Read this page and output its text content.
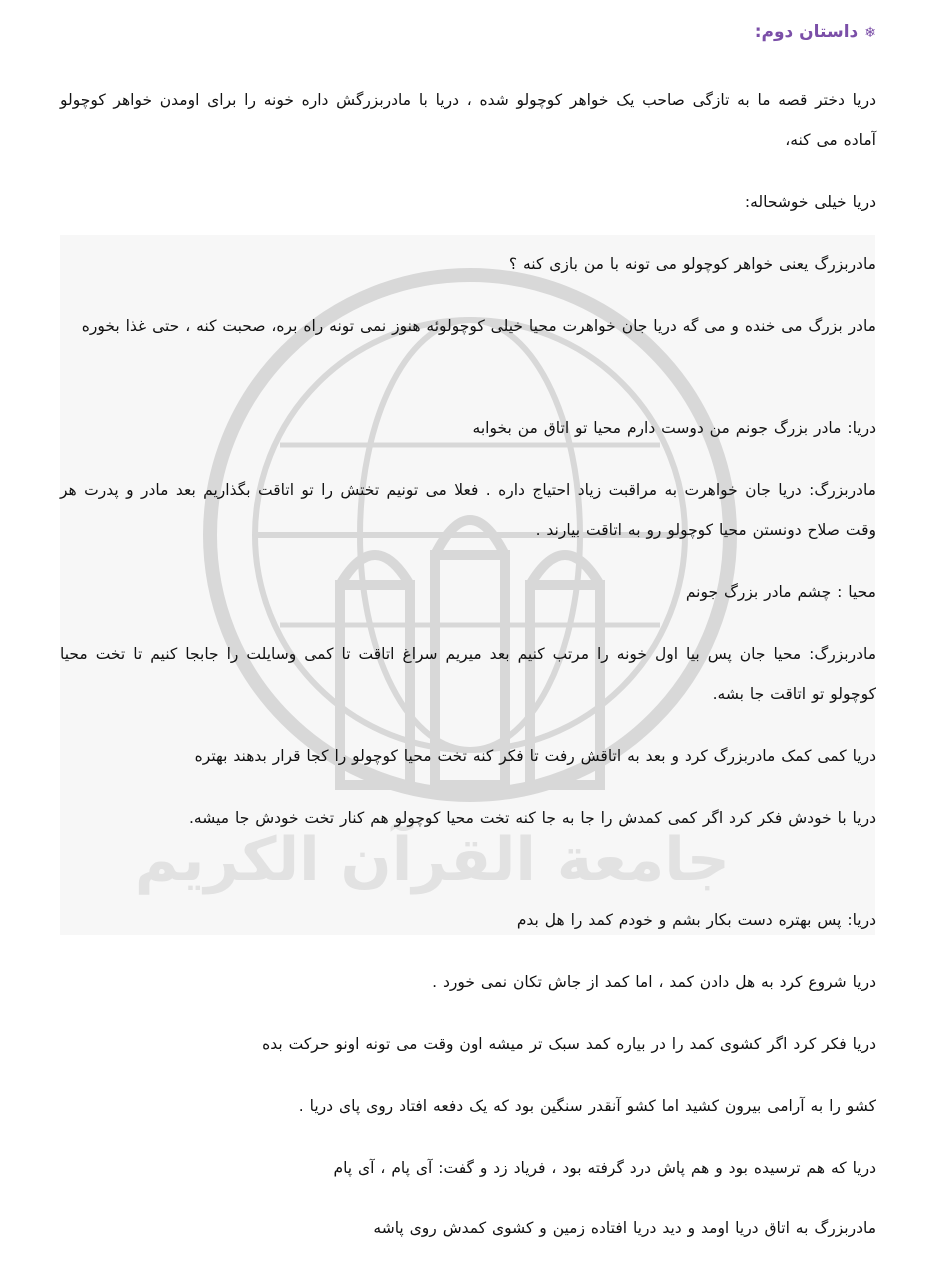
جامعة القرآن الكريم
❄داستان دوم:
دریا دختر قصه ما به تازگی صاحب یک خواهر کوچولو شده ، دریا با مادربزرگش داره خونه را برای اومدن خواهر کوچولو آماده می کنه،
دریا خیلی خوشحاله:
مادربزرگ یعنی خواهر کوچولو می تونه با من بازی کنه ؟
مادر بزرگ می خنده و می گه دریا جان خواهرت محیا خیلی کوچولوئه هنوز نمی تونه راه بره، صحبت کنه ، حتی غذا بخوره
دریا: مادر بزرگ جونم من دوست دارم محیا تو اتاق من بخوابه
مادربزرگ: دریا جان خواهرت به مراقبت زیاد احتیاج داره . فعلا می تونیم تختش را تو اتاقت بگذاریم بعد مادر و پدرت هر وقت صلاح دونستن محیا کوچولو رو به اتاقت بیارند .
محیا : چشم مادر بزرگ جونم
مادربزرگ: محیا جان پس بیا اول خونه را مرتب کنیم بعد میریم سراغ اتاقت تا کمی وسایلت را جابجا کنیم تا تخت محیا کوچولو تو اتاقت جا بشه.
دریا کمی کمک مادربزرگ کرد و بعد به اتاقش رفت تا فکر کنه تخت محیا کوچولو را کجا قرار بدهند بهتره
دریا با خودش فکر کرد اگر کمی کمدش را جا به جا کنه تخت محیا کوچولو هم کنار تخت خودش جا میشه.
دریا: پس بهتره دست بکار بشم و خودم کمد را هل بدم
دریا شروع کرد به هل دادن کمد ، اما کمد از جاش تکان نمی خورد .
دریا فکر کرد اگر کشوی کمد را در بیاره کمد سبک تر میشه اون وقت می تونه اونو حرکت بده
کشو را به آرامی بیرون کشید اما کشو آنقدر سنگین بود که یک دفعه افتاد روی پای دریا .
دریا که هم ترسیده بود و هم پاش درد گرفته بود ، فریاد زد و گفت: آی پام ، آی پام
مادربزرگ به اتاق دریا اومد و دید دریا افتاده زمین و کشوی کمدش روی پاشه
